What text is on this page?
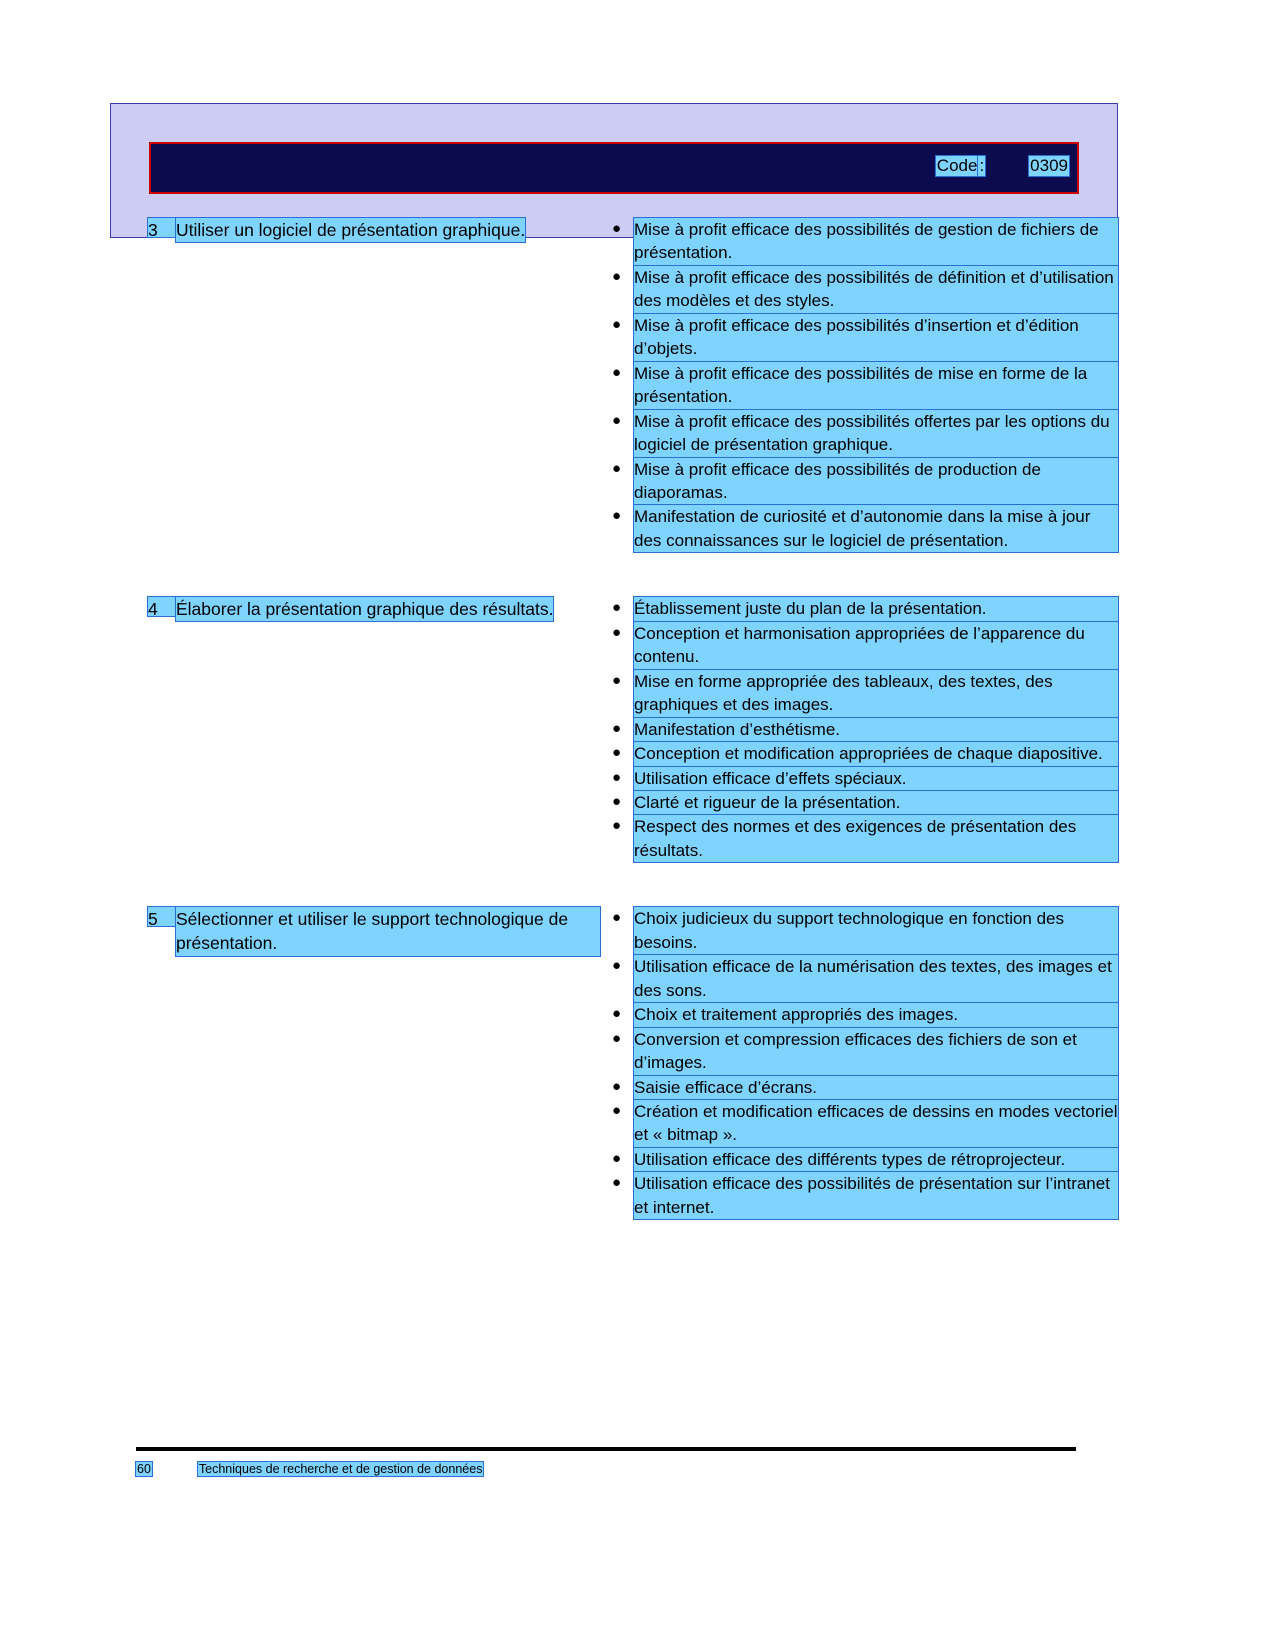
Code :	0309
3	Utiliser un logiciel de présentation graphique.	● Mise à profit efficace des possibilités de gestion de fichiers de présentation.
● Mise à profit efficace des possibilités de définition et d’utilisation des modèles et des styles.
● Mise à profit efficace des possibilités d’insertion et d’édition d’objets.
● Mise à profit efficace des possibilités de mise en forme de la présentation.
● Mise à profit efficace des possibilités offertes par les options du logiciel de présentation graphique.
● Mise à profit efficace des possibilités de production de diaporamas.
● Manifestation de curiosité et d’autonomie dans la mise à jour des connaissances sur le logiciel de présentation.
4	Élaborer la présentation graphique des résultats.	● Établissement juste du plan de la présentation.
● Conception et harmonisation appropriées de l’apparence du contenu.
● Mise en forme appropriée des tableaux, des textes, des graphiques et des images.
● Manifestation d’esthétisme.
● Conception et modification appropriées de chaque diapositive.
● Utilisation efficace d’effets spéciaux.
● Clarté et rigueur de la présentation.
● Respect des normes et des exigences de présentation des résultats.
5	Sélectionner et utiliser le support technologique de présentation.
● Choix judicieux du support technologique en fonction des besoins.
● Utilisation efficace de la numérisation des textes, des images et des sons.
● Choix et traitement appropriés des images.
● Conversion et compression efficaces des fichiers de son et d’images.
● Saisie efficace d’écrans.
● Création et modification efficaces de dessins en modes vectoriel et « bitmap ».
● Utilisation efficace des différents types de rétroprojecteur.
● Utilisation efficace des possibilités de présentation sur l’intranet et internet.
60	Techniques de recherche et de gestion de données
